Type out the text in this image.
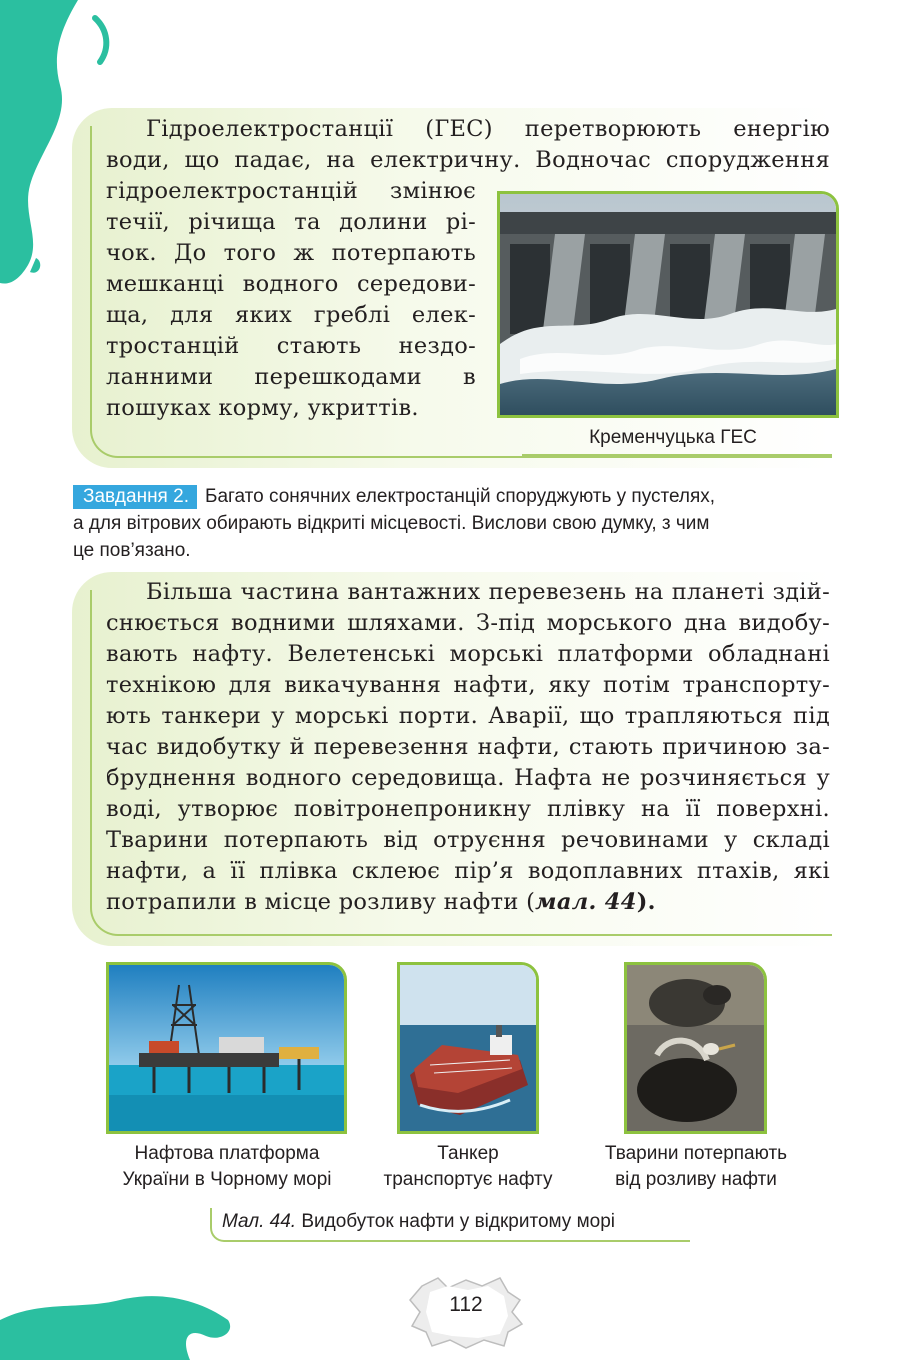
Гідроелектростанції (ГЕС) перетворюють енергію
води, що падає, на електричну. Водночас спорудження
гідроелектростанцій змінює
течії, річища та долини рі-
чок. До того ж потерпають
мешканці водного середови-
ща, для яких греблі елек-
тростанцій стають нездо-
ланними перешкодами в
пошуках корму, укриттів.
Кременчуцька ГЕС
Завдання 2. Багато сонячних електростанцій споруджують у пустелях,
а для вітрових обирають відкриті місцевості. Вислови свою думку, з чим
це пов’язано.
Більша частина вантажних перевезень на планеті здій-
снюється водними шляхами. З-під морського дна видобу-
вають нафту. Велетенські морські платформи обладнані
технікою для викачування нафти, яку потім транспорту-
ють танкери у морські порти. Аварії, що трапляються під
час видобутку й перевезення нафти, стають причиною за-
бруднення водного середовища. Нафта не розчиняється у
воді, утворює повітронепроникну плівку на її поверхні.
Тварини потерпають від отруєння речовинами у складі
нафти, а її плівка склеює пір’я водоплавних птахів, які
потрапили в місце розливу нафти (мал. 44).
Нафтова платформа
України в Чорному морі
Танкер
транспортує нафту
Тварини потерпають
від розливу нафти
Мал. 44. Видобуток нафти у відкритому морі
112
